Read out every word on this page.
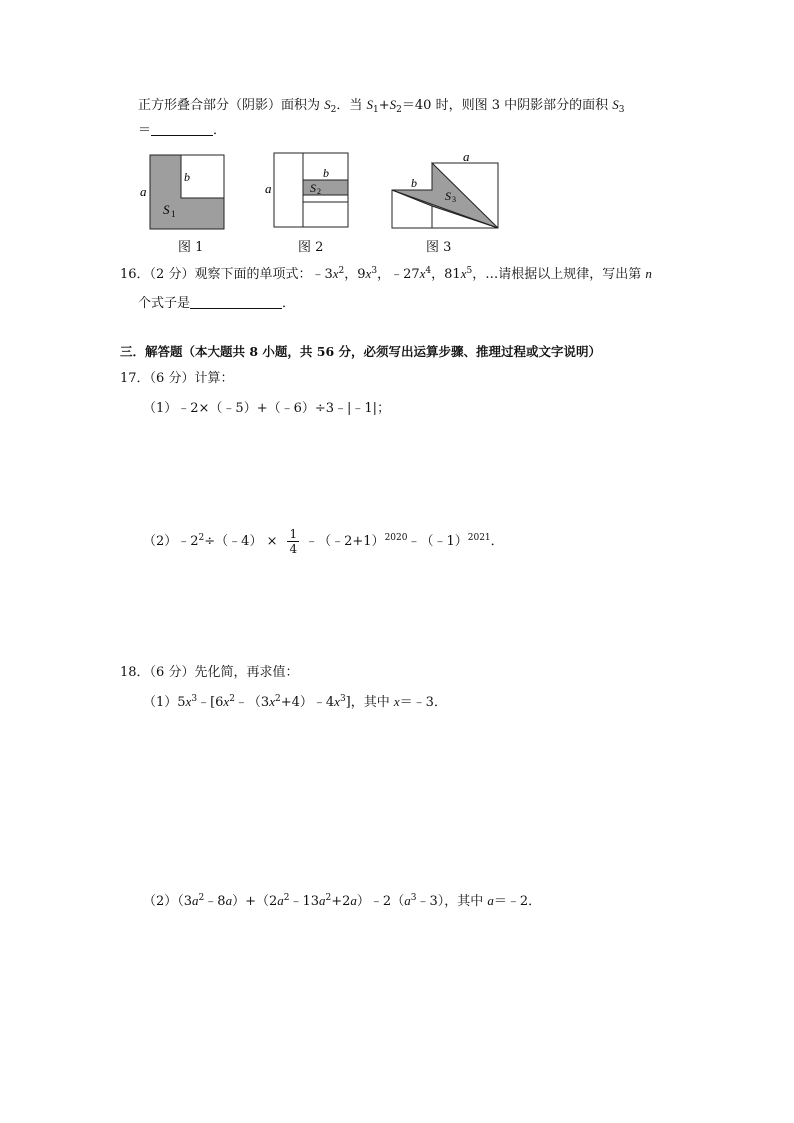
正方形叠合部分（阴影）面积为 $S_2$．当 $S_1+S_2=40$ 时，则图 3 中阴影部分的面积 $S_3$
＝	．
a
b
S 1
a
b
S 2
a
b
S 3
图 1	图 2	图 3
16．（2 分）观察下面的单项式：$﹣3x^2$，$9x^3$，$﹣27x^4$，$81x^5$，…请根据以上规律，写出第 n
个式子是	．
三．解答题（本大题共 8 小题，共 56 分，必须写出运算步骤、推理过程或文字说明）
17．（6 分）计算：
（1）﹣2×（﹣5）+（﹣6）÷3﹣|﹣1|；
$(2)﹣2^2\div(﹣4) \times \frac{1}{4}$ ﹣（﹣2+1）$^{2020}$﹣（﹣1）$^{2021}$．
18．（6 分）先化简，再求值：
$(1)5x^3﹣[6x^2﹣(3x^2+4)﹣4x^3]$，其中 x＝﹣3．
$(2)(3a^2﹣8a)+(2a^2﹣13a^2+2a)﹣2(a^3﹣3)$，其中 a＝﹣2．
